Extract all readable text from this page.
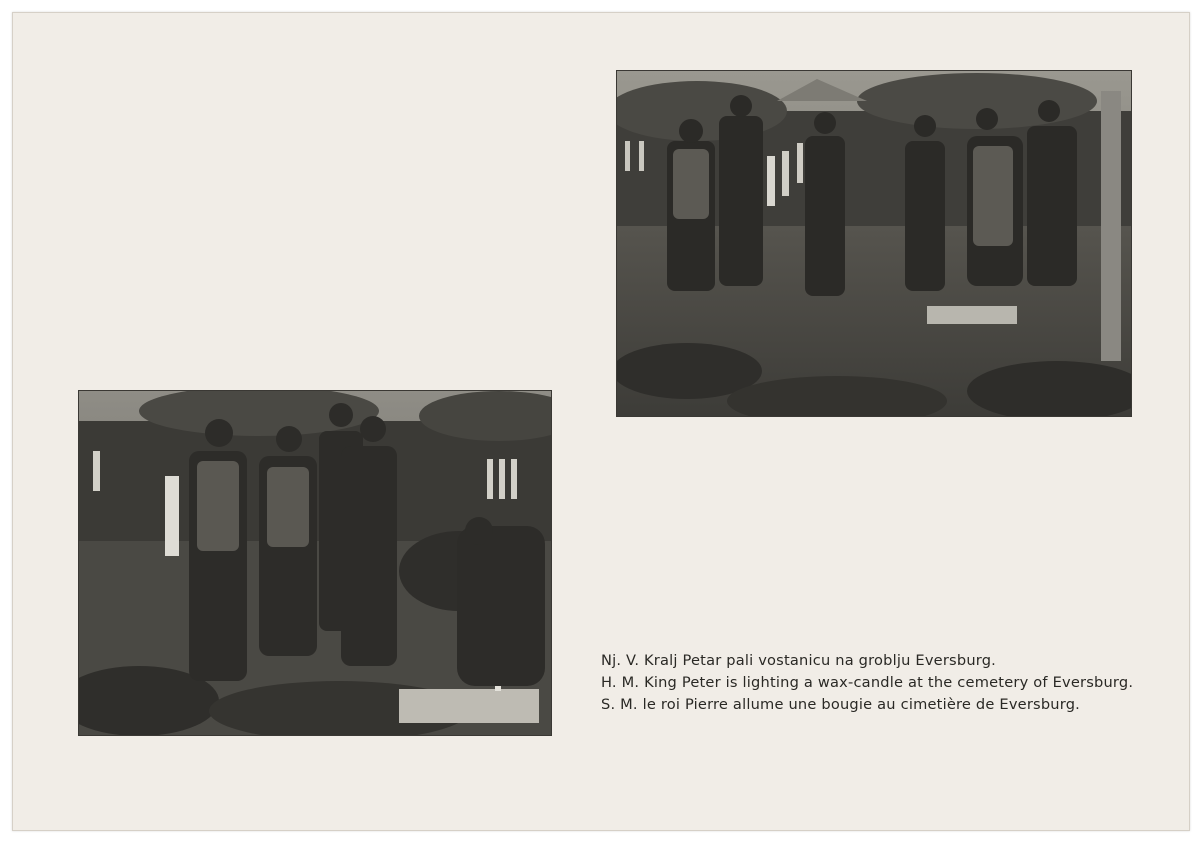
Nj. V. Kralj Petar pali vostanicu na groblju Eversburg.

H. M. King Peter is lighting a wax-candle at the cemetery of Eversburg.

S. M. le roi Pierre allume une bougie au cimetière de Eversburg.
